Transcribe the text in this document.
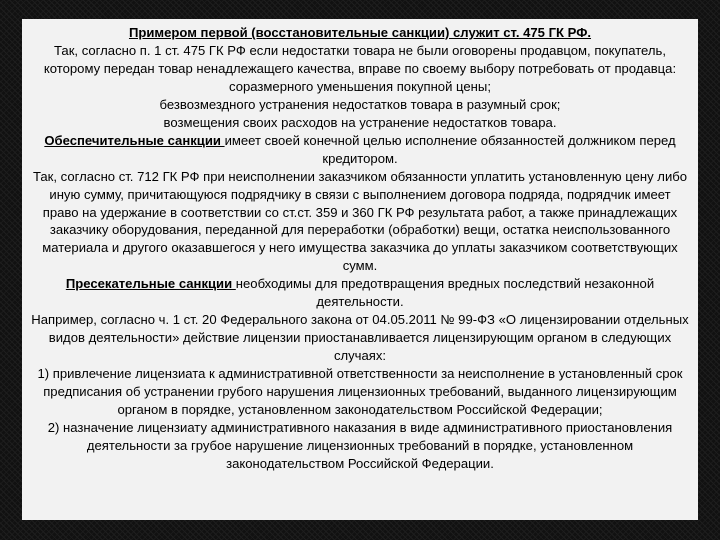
Примером первой (восстановительные санкции) служит ст. 475 ГК РФ.

Так, согласно п. 1 ст. 475 ГК РФ если недостатки товара не были оговорены продавцом, покупатель, которому передан товар ненадлежащего качества, вправе по своему выбору потребовать от продавца:

соразмерного уменьшения покупной цены;

безвозмездного устранения недостатков товара в разумный срок;

возмещения своих расходов на устранение недостатков товара.

Обеспечительные санкции имеет своей конечной целью исполнение обязанностей должником перед кредитором.

Так, согласно ст. 712 ГК РФ при неисполнении заказчиком обязанности уплатить установленную цену либо иную сумму, причитающуюся подрядчику в связи с выполнением договора подряда, подрядчик имеет право на удержание в соответствии со ст.ст. 359 и 360 ГК РФ результата работ, а также принадлежащих заказчику оборудования, переданной для переработки (обработки) вещи, остатка неиспользованного материала и другого оказавшегося у него имущества заказчика до уплаты заказчиком соответствующих сумм.

Пресекательные санкции необходимы для предотвращения вредных последствий незаконной деятельности.

Например, согласно ч. 1 ст. 20 Федерального закона от 04.05.2011 № 99-ФЗ «О лицензировании отдельных видов деятельности» действие лицензии приостанавливается лицензирующим органом в следующих случаях:

1) привлечение лицензиата к административной ответственности за неисполнение в установленный срок предписания об устранении грубого нарушения лицензионных требований, выданного лицензирующим органом в порядке, установленном законодательством Российской Федерации;

2) назначение лицензиату административного наказания в виде административного приостановления деятельности за грубое нарушение лицензионных требований в порядке, установленном законодательством Российской Федерации.
